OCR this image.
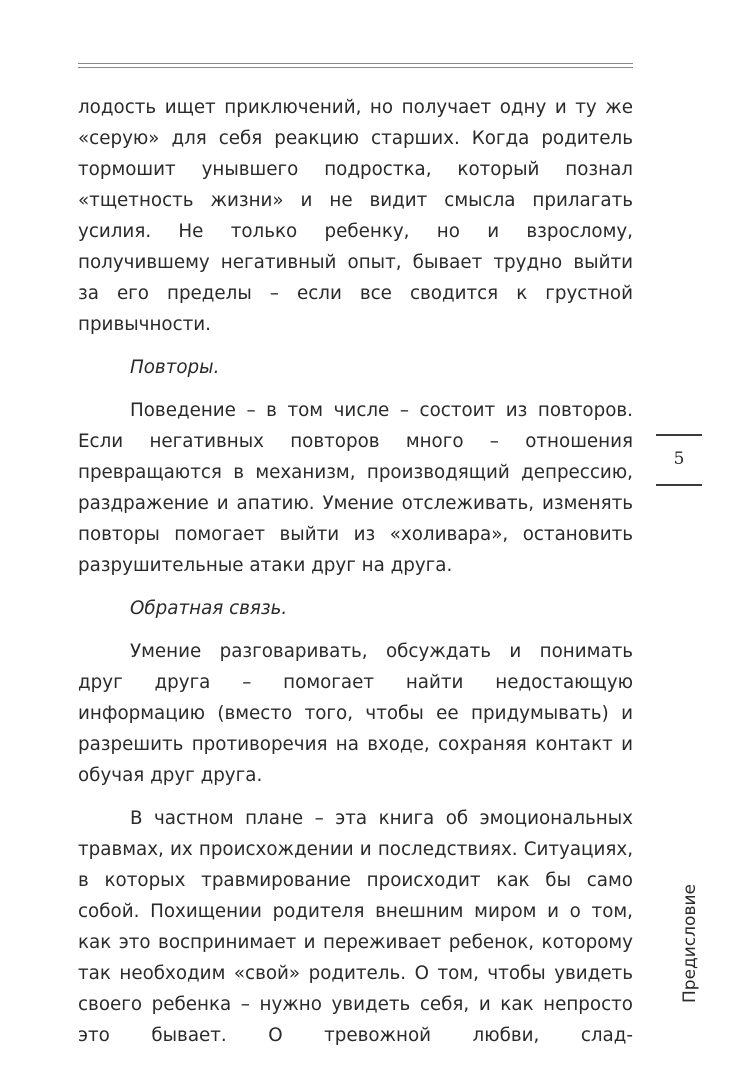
лодость ищет приключений, но получает одну и ту же «серую» для себя реакцию старших. Когда родитель тормошит унывшего подростка, который познал «тщетность жизни» и не видит смысла прилагать усилия. Не только ребенку, но и взрослому, получившему негативный опыт, бывает трудно выйти за его пределы – если все сводится к грустной привычности.

Повторы.

Поведение – в том числе – состоит из повторов. Если негативных повторов много – отношения превращаются в механизм, производящий депрессию, раздражение и апатию. Умение отслеживать, изменять повторы помогает выйти из «холивара», остановить разрушительные атаки друг на друга.

Обратная связь.

Умение разговаривать, обсуждать и понимать друг друга – помогает найти недостающую информацию (вместо того, чтобы ее придумывать) и разрешить противоречия на входе, сохраняя контакт и обучая друг друга.

В частном плане – эта книга об эмоциональных травмах, их происхождении и последствиях. Ситуациях, в которых травмирование происходит как бы само собой. Похищении родителя внешним миром и о том, как это воспринимает и переживает ребенок, которому так необходим «свой» родитель. О том, чтобы увидеть своего ребенка – нужно увидеть себя, и как непросто это бывает. О тревожной любви, слад-

5
Предисловие
